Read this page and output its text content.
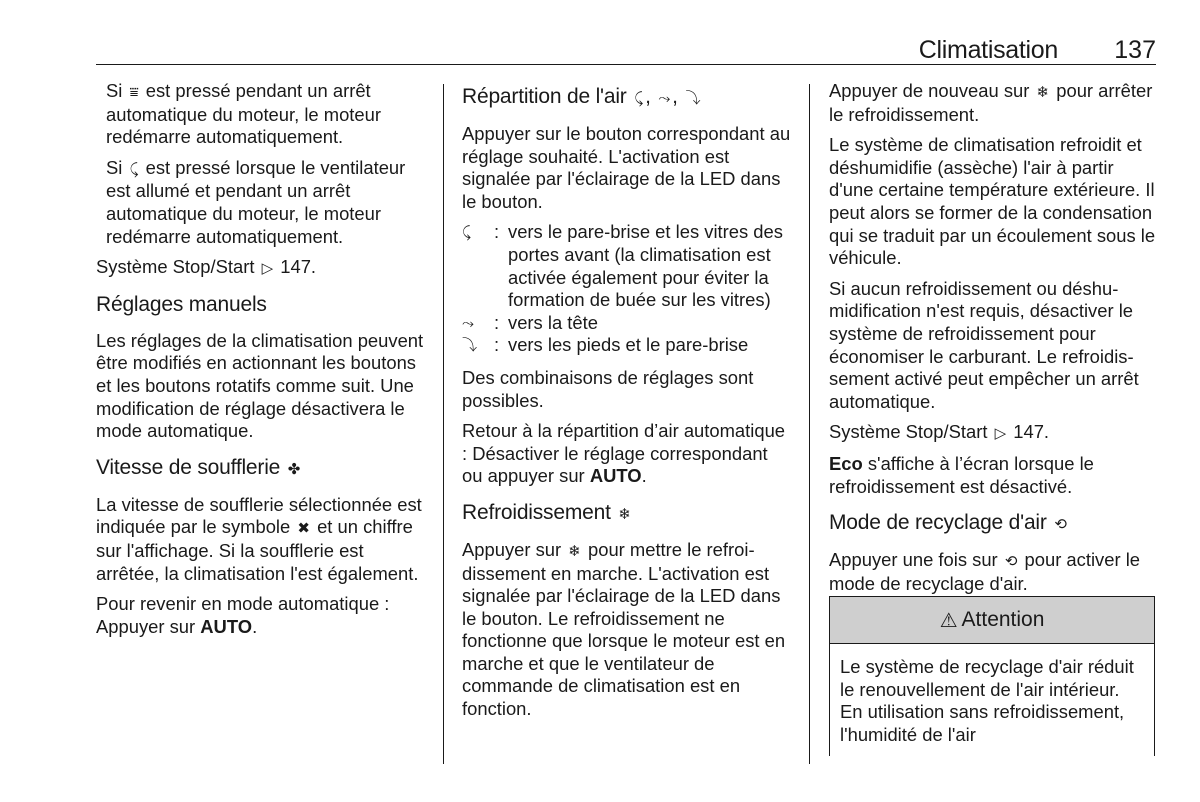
Climatisation 137

Si ⩸ est pressé pendant un arrêt automatique du moteur, le moteur redémarre automatiquement.

Si ⤹ est pressé lorsque le ventilateur est allumé et pendant un arrêt automatique du moteur, le moteur redémarre automatiquement.

Système Stop/Start ▷ 147.

Réglages manuels

Les réglages de la climatisation peuvent être modifiés en actionnant les boutons et les boutons rotatifs comme suit. Une modification de réglage désactivera le mode automatique.

Vitesse de soufflerie ✤

La vitesse de soufflerie sélectionnée est indiquée par le symbole ✖ et un chiffre sur l'affichage. Si la soufflerie est arrêtée, la climatisation l'est également.

Pour revenir en mode automatique : Appuyer sur AUTO.

Répartition de l'air ⤹, ⤳, ⤵

Appuyer sur le bouton correspondant au réglage souhaité. L'activation est signalée par l'éclairage de la LED dans le bouton.

⤹	: vers le pare-brise et les vitres des portes avant (la climatisation est activée également pour éviter la formation de buée sur les vitres)
⤳	: vers la tête
⤵ : vers les pieds et le pare-brise

Des combinaisons de réglages sont possibles.

Retour à la répartition d’air automatique : Désactiver le réglage correspondant ou appuyer sur AUTO.

Refroidissement ❄

Appuyer sur ❄ pour mettre le refroidissement en marche. L'activation est signalée par l'éclairage de la LED dans le bouton. Le refroidissement ne fonctionne que lorsque le moteur est en marche et que le ventilateur de commande de climatisation est en fonction.

Appuyer de nouveau sur ❄ pour arrêter le refroidissement.

Le système de climatisation refroidit et déshumidifie (assèche) l'air à partir d'une certaine température extérieure. Il peut alors se former de la condensation qui se traduit par un écoulement sous le véhicule.

Si aucun refroidissement ou déshumidification n'est requis, désactiver le système de refroidissement pour économiser le carburant. Le refroidissement activé peut empêcher un arrêt automatique.

Système Stop/Start ▷ 147.

Eco s'affiche à l’écran lorsque le refroidissement est désactivé.

Mode de recyclage d'air ⟲

Appuyer une fois sur ⟲ pour activer le mode de recyclage d'air.

⚠ Attention
Le système de recyclage d'air réduit le renouvellement de l'air intérieur. En utilisation sans refroidissement, l'humidité de l'air
